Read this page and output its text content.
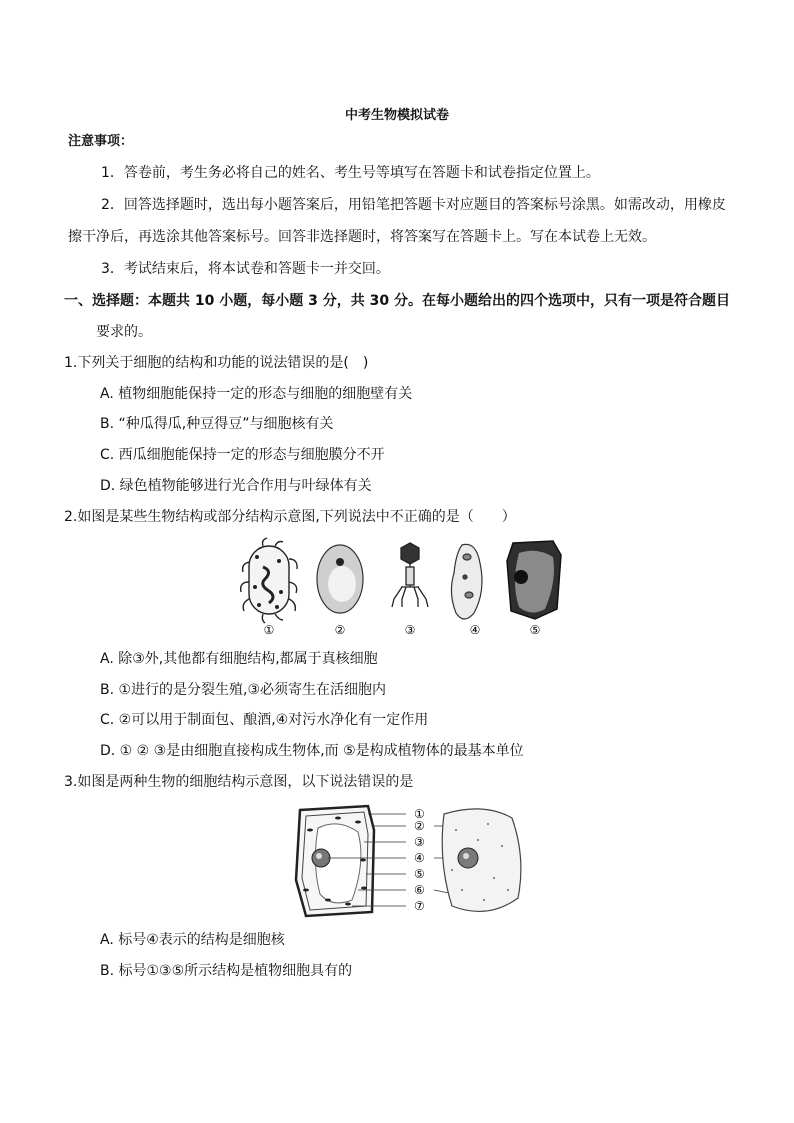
中考生物模拟试卷
注意事项：
1．答卷前，考生务必将自己的姓名、考生号等填写在答题卡和试卷指定位置上。
2．回答选择题时，选出每小题答案后，用铅笔把答题卡对应题目的答案标号涂黑。如需改动，用橡皮
擦干净后，再选涂其他答案标号。回答非选择题时，将答案写在答题卡上。写在本试卷上无效。
3．考试结束后，将本试卷和答题卡一并交回。
一、选择题：本题共 10 小题，每小题 3 分，共 30 分。在每小题给出的四个选项中，只有一项是符合题目
要求的。
1.下列关于细胞的结构和功能的说法错误的是(　)
A. 植物细胞能保持一定的形态与细胞的细胞壁有关
B. “种瓜得瓜,种豆得豆”与细胞核有关
C. 西瓜细胞能保持一定的形态与细胞膜分不开
D. 绿色植物能够进行光合作用与叶绿体有关
2.如图是某些生物结构或部分结构示意图,下列说法中不正确的是（　　）
①	②	③	④	⑤
A. 除③外,其他都有细胞结构,都属于真核细胞
B. ①进行的是分裂生殖,③必须寄生在活细胞内
C. ②可以用于制面包、酿酒,④对污水净化有一定作用
D. ① ② ③是由细胞直接构成生物体,而 ⑤是构成植物体的最基本单位
3.如图是两种生物的细胞结构示意图，以下说法错误的是
①
②
③
④
⑤
⑥
⑦
A. 标号④表示的结构是细胞核
B. 标号①③⑤所示结构是植物细胞具有的
